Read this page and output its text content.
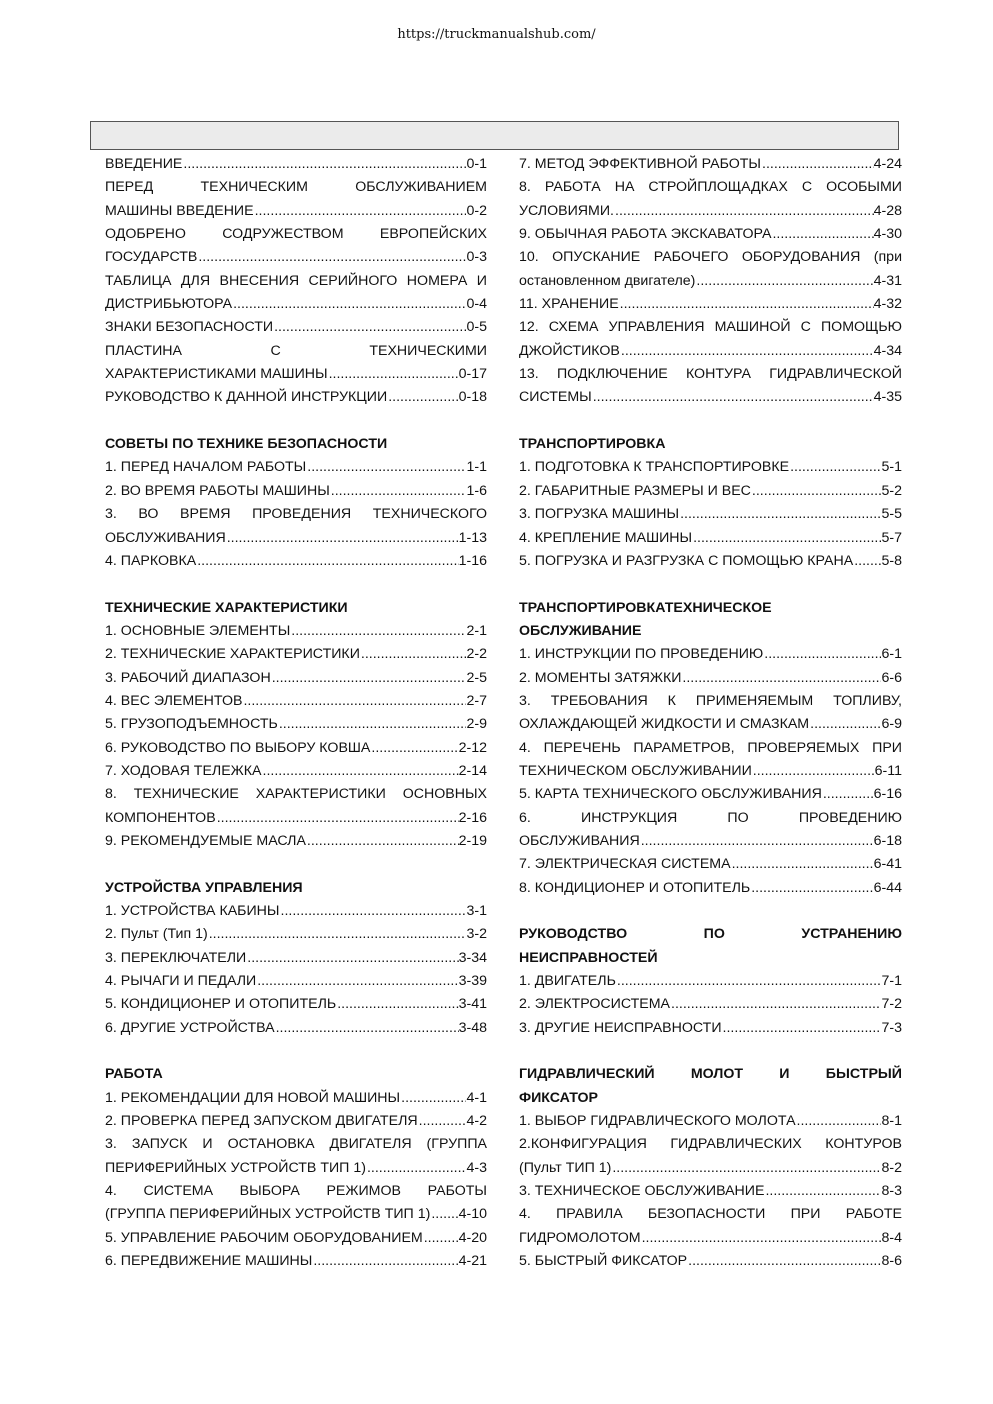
https://truckmanualshub.com/
ВВЕДЕНИЕ .....	0-1
ПЕРЕД ТЕХНИЧЕСКИМ ОБСЛУЖИВАНИЕМ
МАШИНЫ ВВЕДЕНИЕ .....	0-2
ОДОБРЕНО СОДРУЖЕСТВОМ ЕВРОПЕЙСКИХ
ГОСУДАРСТВ .....	0-3
ТАБЛИЦА ДЛЯ ВНЕСЕНИЯ СЕРИЙНОГО НОМЕРА И
ДИСТРИБЬЮТОРА .....	0-4
ЗНАКИ БЕЗОПАСНОСТИ .....	0-5
ПЛАСТИНА С ТЕХНИЧЕСКИМИ
ХАРАКТЕРИСТИКАМИ МАШИНЫ .....	0-17
РУКОВОДСТВО К ДАННОЙ ИНСТРУКЦИИ .....	0-18
СОВЕТЫ ПО ТЕХНИКЕ БЕЗОПАСНОСТИ
1. ПЕРЕД НАЧАЛОМ РАБОТЫ .....	1-1
2. ВО ВРЕМЯ РАБОТЫ МАШИНЫ .....	1-6
3. ВО ВРЕМЯ ПРОВЕДЕНИЯ ТЕХНИЧЕСКОГО
ОБСЛУЖИВАНИЯ .....	1-13
4. ПАРКОВКА .....	1-16
ТЕХНИЧЕСКИЕ ХАРАКТЕРИСТИКИ
1. ОСНОВНЫЕ ЭЛЕМЕНТЫ .....	2-1
2. ТЕХНИЧЕСКИЕ ХАРАКТЕРИСТИКИ .....	2-2
3. РАБОЧИЙ ДИАПАЗОН .....	2-5
4. ВЕС ЭЛЕМЕНТОВ .....	2-7
5. ГРУЗОПОДЪЕМНОСТЬ .....	2-9
6. РУКОВОДСТВО ПО ВЫБОРУ КОВША .....	2-12
7. ХОДОВАЯ ТЕЛЕЖКА .....	2-14
8. ТЕХНИЧЕСКИЕ ХАРАКТЕРИСТИКИ ОСНОВНЫХ
КОМПОНЕНТОВ .....	2-16
9. РЕКОМЕНДУЕМЫЕ МАСЛА .....	2-19
УСТРОЙСТВА УПРАВЛЕНИЯ
1. УСТРОЙСТВА КАБИНЫ .....	3-1
2. Пульт (Тип 1) .....	3-2
3. ПЕРЕКЛЮЧАТЕЛИ .....	3-34
4. РЫЧАГИ И ПЕДАЛИ .....	3-39
5. КОНДИЦИОНЕР И ОТОПИТЕЛЬ .....	3-41
6. ДРУГИЕ УСТРОЙСТВА .....	3-48
РАБОТА
1. РЕКОМЕНДАЦИИ ДЛЯ НОВОЙ МАШИНЫ .....	4-1
2. ПРОВЕРКА ПЕРЕД ЗАПУСКОМ ДВИГАТЕЛЯ .....	4-2
3. ЗАПУСК И ОСТАНОВКА ДВИГАТЕЛЯ (ГРУППА
ПЕРИФЕРИЙНЫХ УСТРОЙСТВ ТИП 1) .....	4-3
4. СИСТЕМА ВЫБОРА РЕЖИМОВ РАБОТЫ
(ГРУППА ПЕРИФЕРИЙНЫХ УСТРОЙСТВ ТИП 1) ..... 4-10
5. УПРАВЛЕНИЕ РАБОЧИМ ОБОРУДОВАНИЕМ .....	4-20
6. ПЕРЕДВИЖЕНИЕ МАШИНЫ .....	4-21
7. МЕТОД ЭФФЕКТИВНОЙ РАБОТЫ .....	4-24
8. РАБОТА НА СТРОЙПЛОЩАДКАХ С ОСОБЫМИ
УСЛОВИЯМИ. .....	4-28
9. ОБЫЧНАЯ РАБОТА ЭКСКАВАТОРА .....	4-30
10. ОПУСКАНИЕ РАБОЧЕГО ОБОРУДОВАНИЯ (при
остановленном двигателе) .....	4-31
11. ХРАНЕНИЕ .....	4-32
12. СХЕМА УПРАВЛЕНИЯ МАШИНОЙ С ПОМОЩЬЮ
ДЖОЙСТИКОВ .....	4-34
13. ПОДКЛЮЧЕНИЕ КОНТУРА ГИДРАВЛИЧЕСКОЙ
СИСТЕМЫ .....	4-35
ТРАНСПОРТИРОВКА
1. ПОДГОТОВКА К ТРАНСПОРТИРОВКЕ .....	5-1
2. ГАБАРИТНЫЕ РАЗМЕРЫ И ВЕС .....	5-2
3. ПОГРУЗКА МАШИНЫ .....	5-5
4. КРЕПЛЕНИЕ МАШИНЫ .....	5-7
5. ПОГРУЗКА И РАЗГРУЗКА С ПОМОЩЬЮ КРАНА ..... 5-8
ТРАНСПОРТИРОВКАТЕХНИЧЕСКОЕ
ОБСЛУЖИВАНИЕ
1. ИНСТРУКЦИИ ПО ПРОВЕДЕНИЮ .....	6-1
2. МОМЕНТЫ ЗАТЯЖКИ .....	6-6
3. ТРЕБОВАНИЯ К ПРИМЕНЯЕМЫМ ТОПЛИВУ,
ОХЛАЖДАЮЩЕЙ ЖИДКОСТИ И СМАЗКАМ .....	6-9
4. ПЕРЕЧЕНЬ ПАРАМЕТРОВ, ПРОВЕРЯЕМЫХ ПРИ
ТЕХНИЧЕСКОМ ОБСЛУЖИВАНИИ .....	6-11
5. КАРТА ТЕХНИЧЕСКОГО ОБСЛУЖИВАНИЯ .....	6-16
6. ИНСТРУКЦИЯ ПО ПРОВЕДЕНИЮ
ОБСЛУЖИВАНИЯ .....	6-18
7. ЭЛЕКТРИЧЕСКАЯ СИСТЕМА .....	6-41
8. КОНДИЦИОНЕР И ОТОПИТЕЛЬ .....	6-44
РУКОВОДСТВО ПО УСТРАНЕНИЮ
НЕИСПРАВНОСТЕЙ
1. ДВИГАТЕЛЬ .....	7-1
2. ЭЛЕКТРОСИСТЕМА .....	7-2
3. ДРУГИЕ НЕИСПРАВНОСТИ .....	7-3
ГИДРАВЛИЧЕСКИЙ МОЛОТ И БЫСТРЫЙ
ФИКСАТОР
1. ВЫБОР ГИДРАВЛИЧЕСКОГО МОЛОТА .....	8-1
2.КОНФИГУРАЦИЯ ГИДРАВЛИЧЕСКИХ КОНТУРОВ
(Пульт ТИП 1) .....	8-2
3. ТЕХНИЧЕСКОЕ ОБСЛУЖИВАНИЕ .....	8-3
4. ПРАВИЛА БЕЗОПАСНОСТИ ПРИ РАБОТЕ
ГИДРОМОЛОТОМ .....	8-4
5. БЫСТРЫЙ ФИКСАТОР .....	8-6
